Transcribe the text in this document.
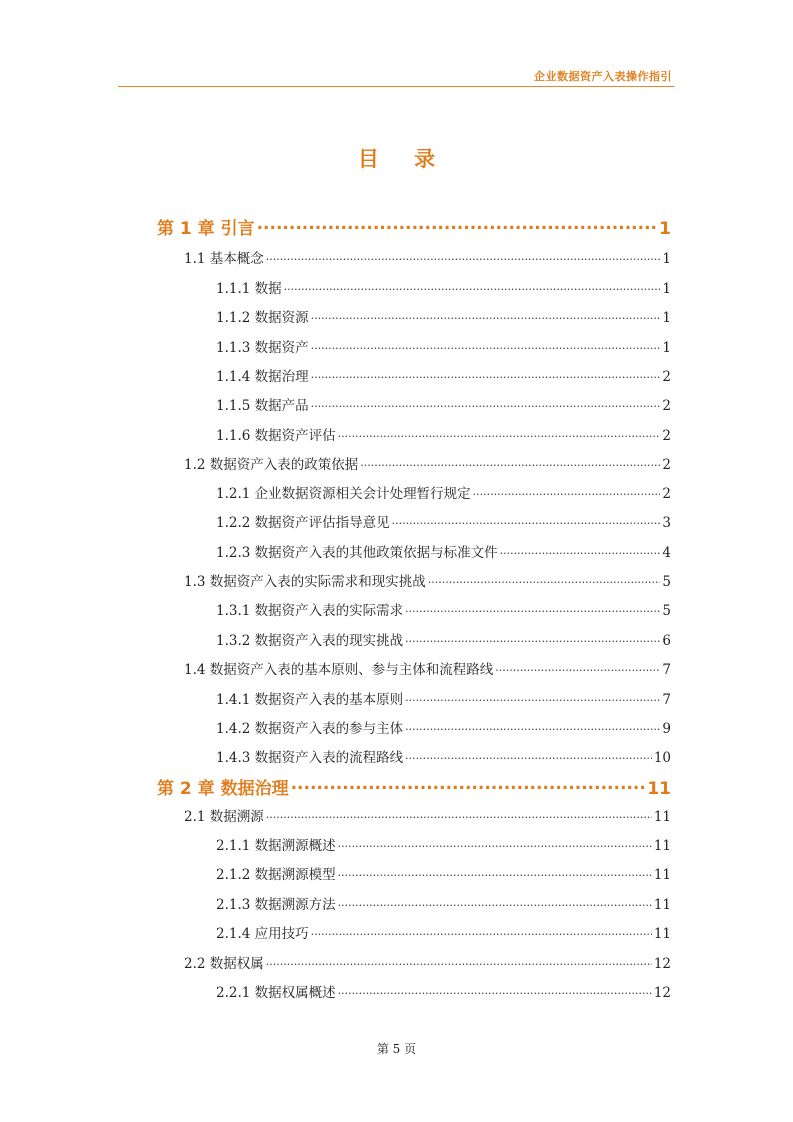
企业数据资产入表操作指引
目 录
第 1 章 引言 .....	1
1.1 基本概念 .....	1
1.1.1 数据 .....	1
1.1.2 数据资源 .....	1
1.1.3 数据资产 .....	1
1.1.4 数据治理 .....	2
1.1.5 数据产品 .....	2
1.1.6 数据资产评估 .....	2
1.2 数据资产入表的政策依据 .....	2
1.2.1 企业数据资源相关会计处理暂行规定 .....	2
1.2.2 数据资产评估指导意见 .....	3
1.2.3 数据资产入表的其他政策依据与标准文件 .....	4
1.3 数据资产入表的实际需求和现实挑战 .....	5
1.3.1 数据资产入表的实际需求 .....	5
1.3.2 数据资产入表的现实挑战 .....	6
1.4 数据资产入表的基本原则、参与主体和流程路线 .....	7
1.4.1 数据资产入表的基本原则 .....	7
1.4.2 数据资产入表的参与主体 .....	9
1.4.3 数据资产入表的流程路线 .....	10
第 2 章 数据治理 .....	11
2.1 数据溯源 .....	11
2.1.1 数据溯源概述 .....	11
2.1.2 数据溯源模型 .....	11
2.1.3 数据溯源方法 .....	11
2.1.4 应用技巧 .....	11
2.2 数据权属 .....	12
2.2.1 数据权属概述 .....	12
第 5 页
